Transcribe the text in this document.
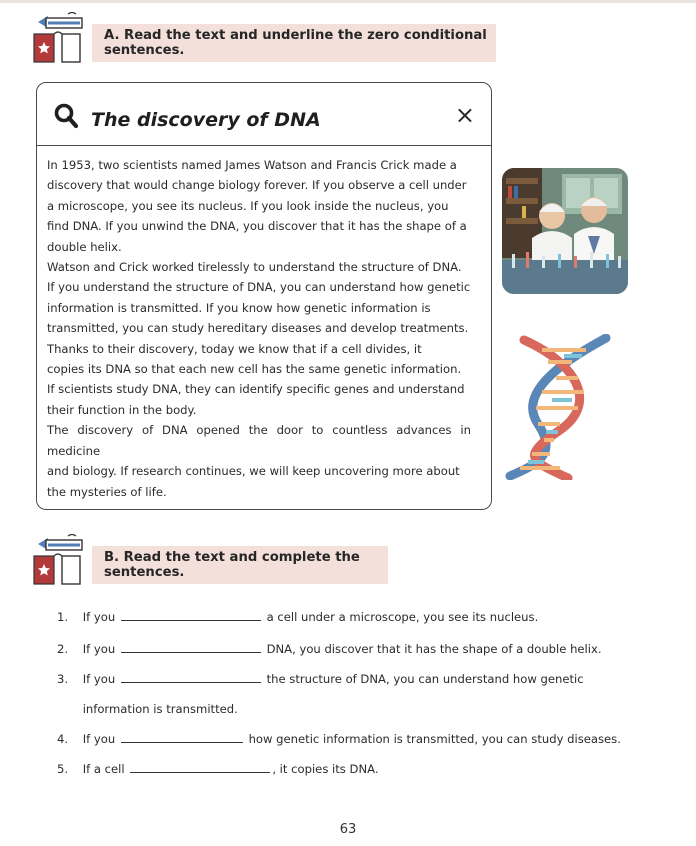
A. Read the text and underline the zero conditional sentences.
The discovery of DNA	×

In 1953, two scientists named James Watson and Francis Crick made a

discovery that would change biology forever. If you observe a cell under

a microscope, you see its nucleus. If you look inside the nucleus, you

find DNA. If you unwind the DNA, you discover that it has the shape of a

double helix.

Watson and Crick worked tirelessly to understand the structure of DNA.

If you understand the structure of DNA, you can understand how genetic

information is transmitted. If you know how genetic information is

transmitted, you can study hereditary diseases and develop treatments.

Thanks to their discovery, today we know that if a cell divides, it

copies its DNA so that each new cell has the same genetic information.

If scientists study DNA, they can identify specific genes and understand

their function in the body.

The discovery of DNA opened the door to countless advances in medicine

and biology. If research continues, we will keep uncovering more about

the mysteries of life.

B. Read the text and complete the sentences.
1. If you	a cell under a microscope, you see its nucleus.
2. If you	DNA, you discover that it has the shape of a double helix.
3. If you	the structure of DNA, you can understand how genetic
information is transmitted.
4. If you	how genetic information is transmitted, you can study diseases.
5. If a cell	, it copies its DNA.
63
